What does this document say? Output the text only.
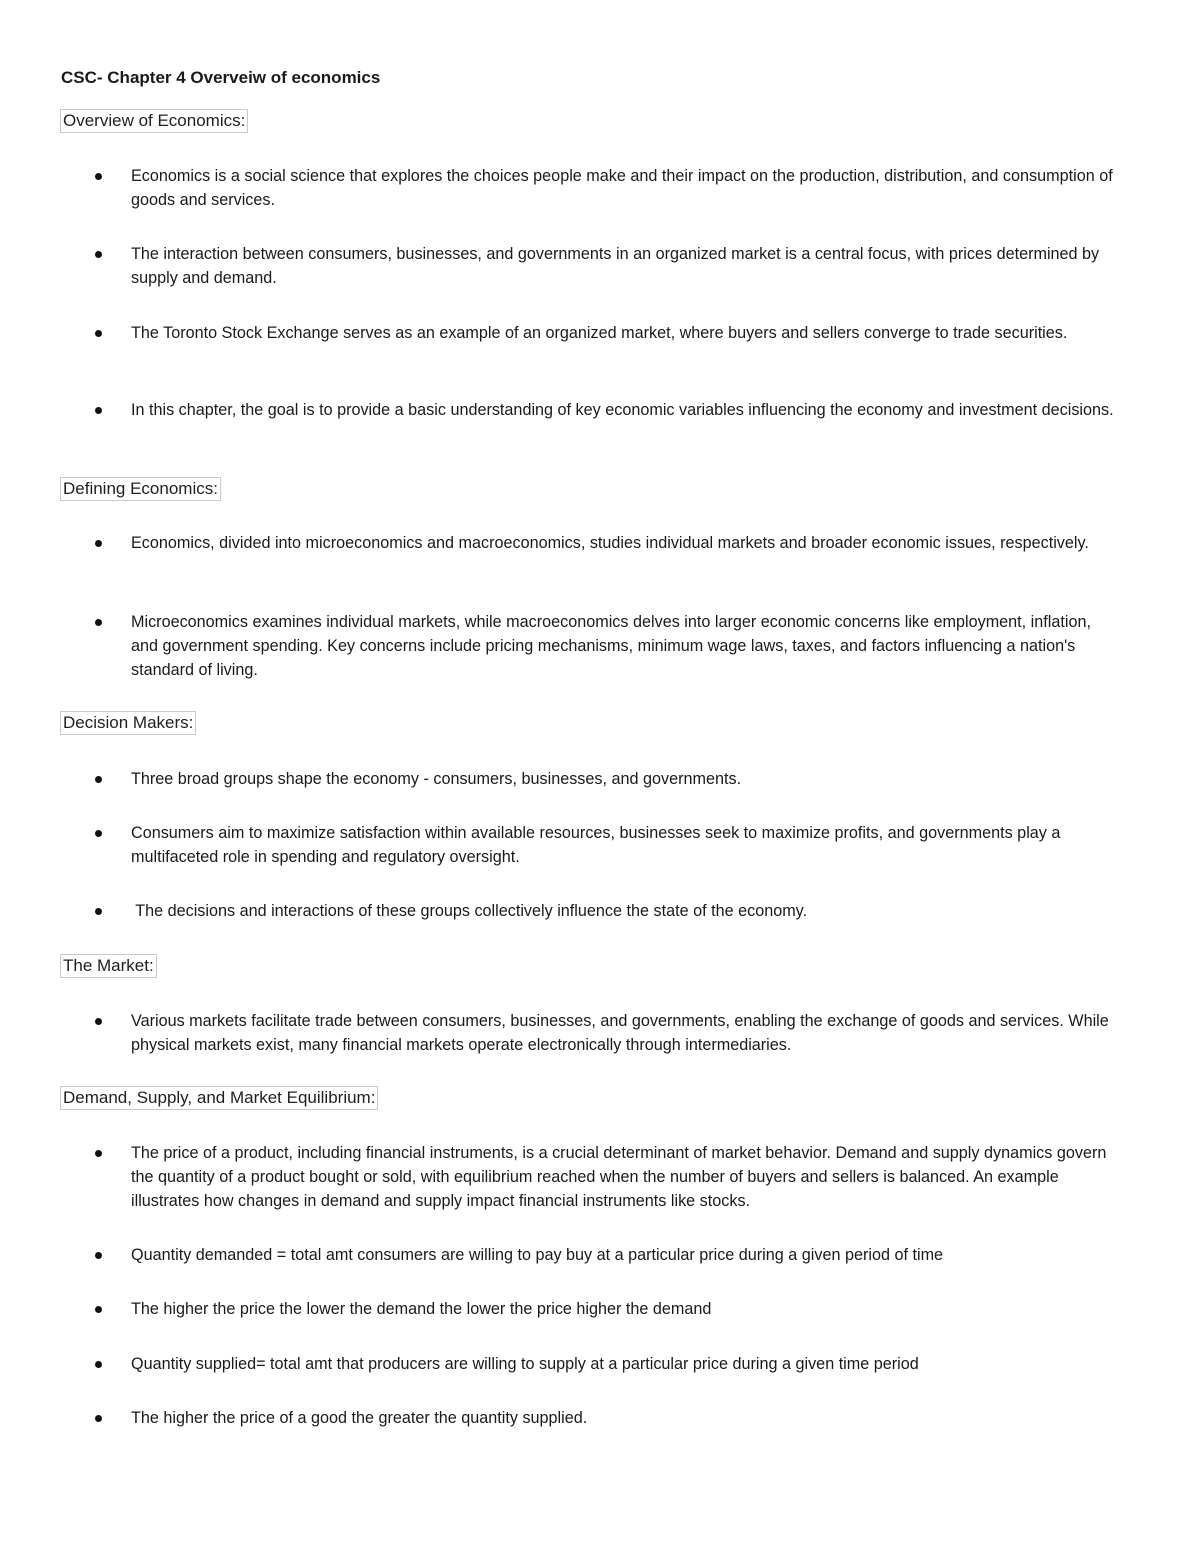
CSC- Chapter 4 Overveiw of economics
Overview of Economics:
Economics is a social science that explores the choices people make and their impact on the production, distribution, and consumption of goods and services.
The interaction between consumers, businesses, and governments in an organized market is a central focus, with prices determined by supply and demand.
The Toronto Stock Exchange serves as an example of an organized market, where buyers and sellers converge to trade securities.
In this chapter, the goal is to provide a basic understanding of key economic variables influencing the economy and investment decisions.
Defining Economics:
Economics, divided into microeconomics and macroeconomics, studies individual markets and broader economic issues, respectively.
Microeconomics examines individual markets, while macroeconomics delves into larger economic concerns like employment, inflation, and government spending. Key concerns include pricing mechanisms, minimum wage laws, taxes, and factors influencing a nation's standard of living.
Decision Makers:
Three broad groups shape the economy - consumers, businesses, and governments.
Consumers aim to maximize satisfaction within available resources, businesses seek to maximize profits, and governments play a multifaceted role in spending and regulatory oversight.
The decisions and interactions of these groups collectively influence the state of the economy.
The Market:
Various markets facilitate trade between consumers, businesses, and governments, enabling the exchange of goods and services. While physical markets exist, many financial markets operate electronically through intermediaries.
Demand, Supply, and Market Equilibrium:
The price of a product, including financial instruments, is a crucial determinant of market behavior. Demand and supply dynamics govern the quantity of a product bought or sold, with equilibrium reached when the number of buyers and sellers is balanced. An example illustrates how changes in demand and supply impact financial instruments like stocks.
Quantity demanded = total amt consumers are willing to pay buy at a particular price during a given period of time
The higher the price the lower the demand the lower the price higher the demand
Quantity supplied= total amt that producers are willing to supply at a particular price during a given time period
The higher the price of a good the greater the quantity supplied.
